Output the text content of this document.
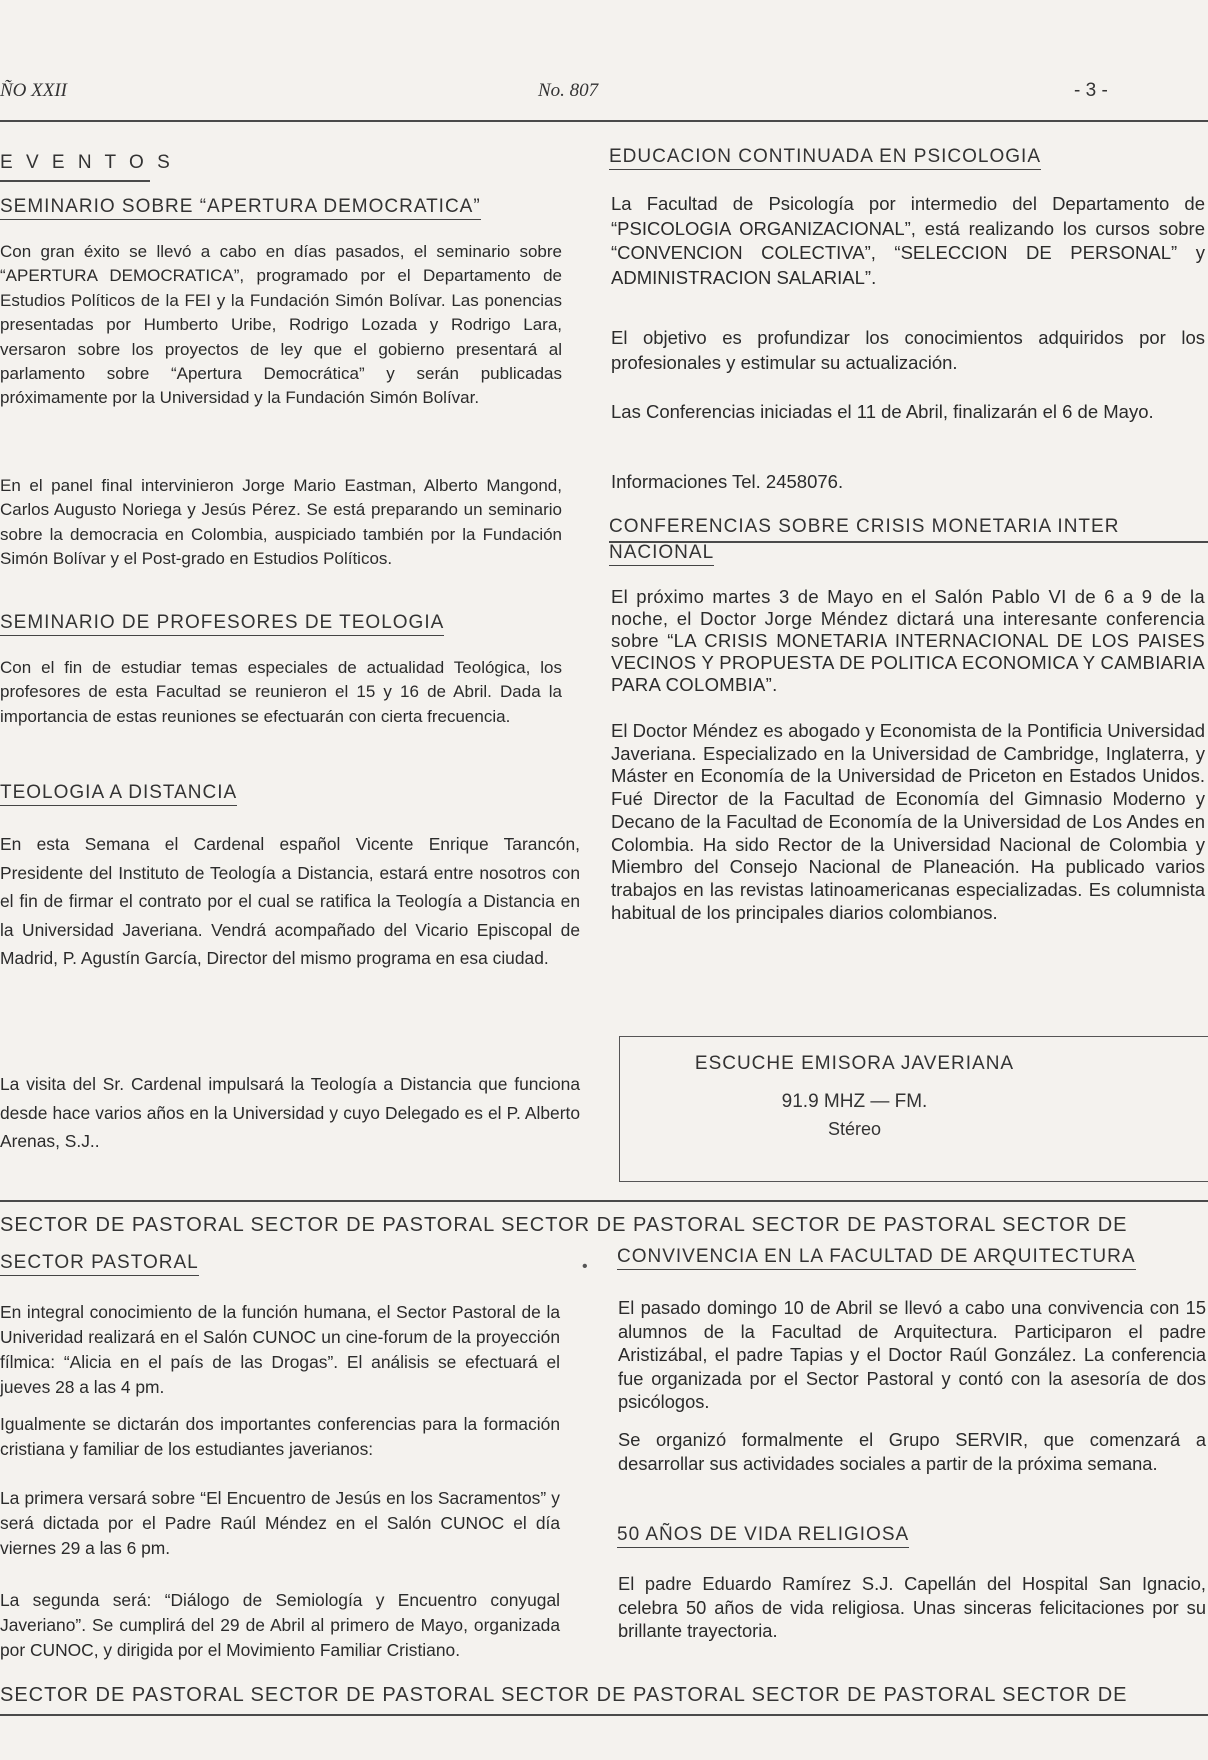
ÑO XXII	No. 807	- 3 -
E V E N T O S
SEMINARIO SOBRE “APERTURA DEMOCRATICA”

Con gran éxito se llevó a cabo en días pasados, el seminario sobre “APERTURA DEMOCRATICA”, programado por el Departamento de Estudios Políticos de la FEI y la Fundación Simón Bolívar. Las ponencias presentadas por Humberto Uribe, Rodrigo Lozada y Rodrigo Lara, versaron sobre los proyectos de ley que el gobierno presentará al parlamento sobre “Apertura Democrática” y serán publicadas próximamente por la Universidad y la Fundación Simón Bolívar.

En el panel final intervinieron Jorge Mario Eastman, Alberto Mangond, Carlos Augusto Noriega y Jesús Pérez. Se está preparando un seminario sobre la democracia en Colombia, auspiciado también por la Fundación Simón Bolívar y el Post-grado en Estudios Políticos.

SEMINARIO DE PROFESORES DE TEOLOGIA

Con el fin de estudiar temas especiales de actualidad Teológica, los profesores de esta Facultad se reunieron el 15 y 16 de Abril. Dada la importancia de estas reuniones se efectuarán con cierta frecuencia.

TEOLOGIA A DISTANCIA

En esta Semana el Cardenal español Vicente Enrique Tarancón, Presidente del Instituto de Teología a Distancia, estará entre nosotros con el fin de firmar el contrato por el cual se ratifica la Teología a Distancia en la Universidad Javeriana. Vendrá acompañado del Vicario Episcopal de Madrid, P. Agustín García, Director del mismo programa en esa ciudad.

La visita del Sr. Cardenal impulsará la Teología a Distancia que funciona desde hace varios años en la Universidad y cuyo Delegado es el P. Alberto Arenas, S.J..

EDUCACION CONTINUADA EN PSICOLOGIA

La Facultad de Psicología por intermedio del Departamento de “PSICOLOGIA ORGANIZACIONAL”, está realizando los cursos sobre “CONVENCION COLECTIVA”, “SELECCION DE PERSONAL” y ADMINISTRACION SALARIAL”.

El objetivo es profundizar los conocimientos adquiridos por los profesionales y estimular su actualización.

Las Conferencias iniciadas el 11 de Abril, finalizarán el 6 de Mayo.

Informaciones Tel. 2458076.

CONFERENCIAS SOBRE CRISIS MONETARIA INTER
NACIONAL

El próximo martes 3 de Mayo en el Salón Pablo VI de 6 a 9 de la noche, el Doctor Jorge Méndez dictará una interesante conferencia sobre “LA CRISIS MONETARIA INTERNACIONAL DE LOS PAISES VECINOS Y PROPUESTA DE POLITICA ECONOMICA Y CAMBIARIA PARA COLOMBIA”.

El Doctor Méndez es abogado y Economista de la Pontificia Universidad Javeriana. Especializado en la Universidad de Cambridge, Inglaterra, y Máster en Economía de la Universidad de Priceton en Estados Unidos. Fué Director de la Facultad de Economía del Gimnasio Moderno y Decano de la Facultad de Economía de la Universidad de Los Andes en Colombia. Ha sido Rector de la Universidad Nacional de Colombia y Miembro del Consejo Nacional de Planeación. Ha publicado varios trabajos en las revistas latinoamericanas especializadas. Es columnista habitual de los principales diarios colombianos.

ESCUCHE EMISORA JAVERIANA
91.9 MHZ — FM.
Stéreo
SECTOR DE PASTORAL SECTOR DE PASTORAL SECTOR DE PASTORAL SECTOR DE PASTORAL SECTOR DE
SECTOR PASTORAL	•

En integral conocimiento de la función humana, el Sector Pastoral de la Univeridad realizará en el Salón CUNOC un cine-forum de la proyección fílmica: “Alicia en el país de las Drogas”. El análisis se efectuará el jueves 28 a las 4 pm.

Igualmente se dictarán dos importantes conferencias para la formación cristiana y familiar de los estudiantes javerianos:

La primera versará sobre “El Encuentro de Jesús en los Sacramentos” y será dictada por el Padre Raúl Méndez en el Salón CUNOC el día viernes 29 a las 6 pm.

La segunda será: “Diálogo de Semiología y Encuentro conyugal Javeriano”. Se cumplirá del 29 de Abril al primero de Mayo, organizada por CUNOC, y dirigida por el Movimiento Familiar Cristiano.

CONVIVENCIA EN LA FACULTAD DE ARQUITECTURA

El pasado domingo 10 de Abril se llevó a cabo una convivencia con 15 alumnos de la Facultad de Arquitectura. Participaron el padre Aristizábal, el padre Tapias y el Doctor Raúl González. La conferencia fue organizada por el Sector Pastoral y contó con la asesoría de dos psicólogos.

Se organizó formalmente el Grupo SERVIR, que comenzará a desarrollar sus actividades sociales a partir de la próxima semana.

50 AÑOS DE VIDA RELIGIOSA

El padre Eduardo Ramírez S.J. Capellán del Hospital San Ignacio, celebra 50 años de vida religiosa. Unas sinceras felicitaciones por su brillante trayectoria.

SECTOR DE PASTORAL SECTOR DE PASTORAL SECTOR DE PASTORAL SECTOR DE PASTORAL SECTOR DE
